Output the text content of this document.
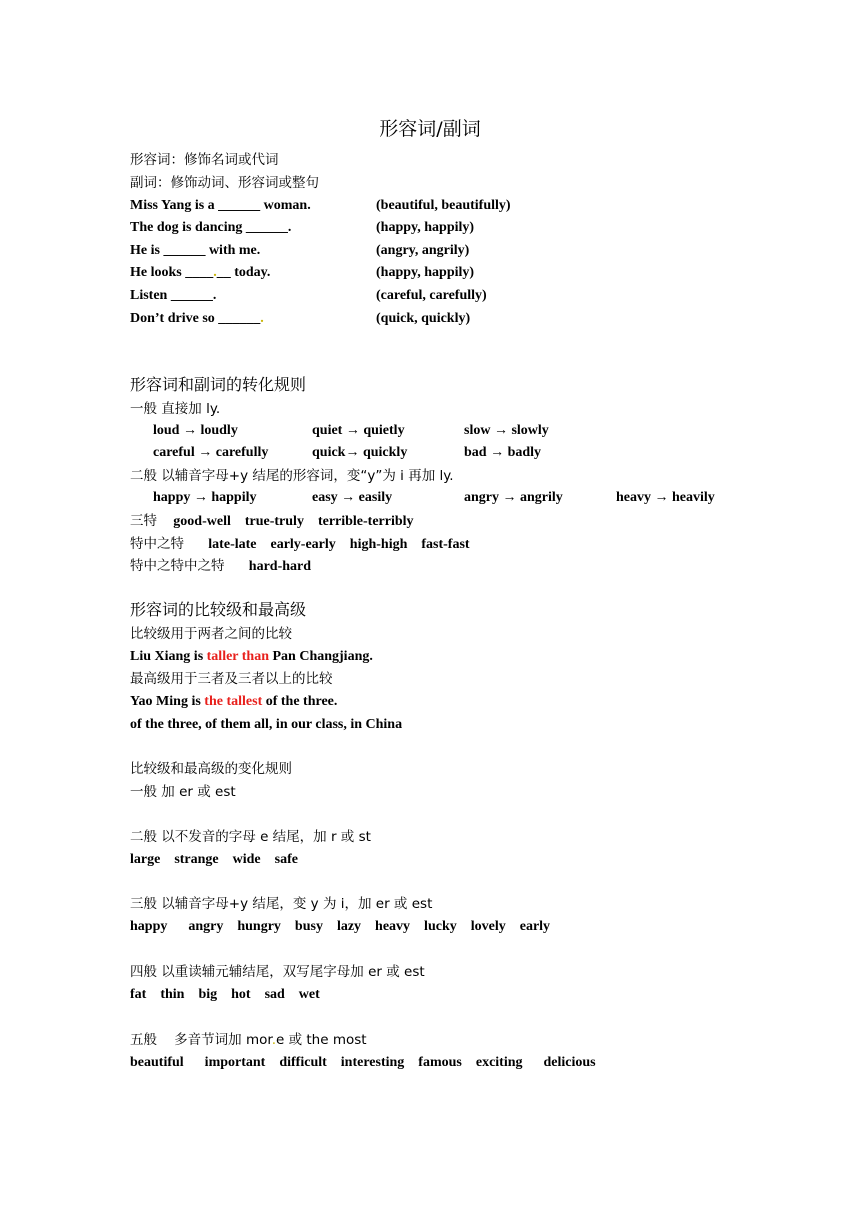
形容词/副词
形容词：修饰名词或代词
副词：修饰动词、形容词或整句
Miss Yang is a ______ woman.	(beautiful, beautifully)
The dog is dancing ______.	(happy, happily)
He is ______ with me.	(angry, angrily)
He looks ____.__ today.	(happy, happily)
Listen ______.	(careful, carefully)
Don’t drive so ______.	(quick, quickly)
形容词和副词的转化规则
一般 直接加 ly.
loud → loudly	quiet → quietly	slow → slowly
careful → carefully	quick→ quickly	bad → badly
二般 以辅音字母+y 结尾的形容词，变“y”为 i 再加 ly.
happy → happily	easy → easily	angry → angrily	heavy → heavily
三特 good-well    true-truly    terrible-terribly
特中之特 late-late    early-early    high-high    fast-fast
特中之特中之特 hard-hard
形容词的比较级和最高级
比较级用于两者之间的比较
Liu Xiang is taller than Pan Changjiang.
最高级用于三者及三者以上的比较
Yao Ming is the tallest of the three.
of the three, of them all, in our class, in China
比较级和最高级的变化规则
一般 加 er 或 est
二般 以不发音的字母 e 结尾，加 r 或 st
large    strange    wide    safe
三般 以辅音字母+y 结尾，变 y 为 i，加 er 或 est
happy      angry    hungry    busy    lazy    heavy    lucky    lovely    early
四般 以重读辅元辅结尾，双写尾字母加 er 或 est
fat    thin    big    hot    sad    wet
五般    多音节词加 mor.e 或 the most
beautiful      important    difficult    interesting    famous    exciting      delicious
